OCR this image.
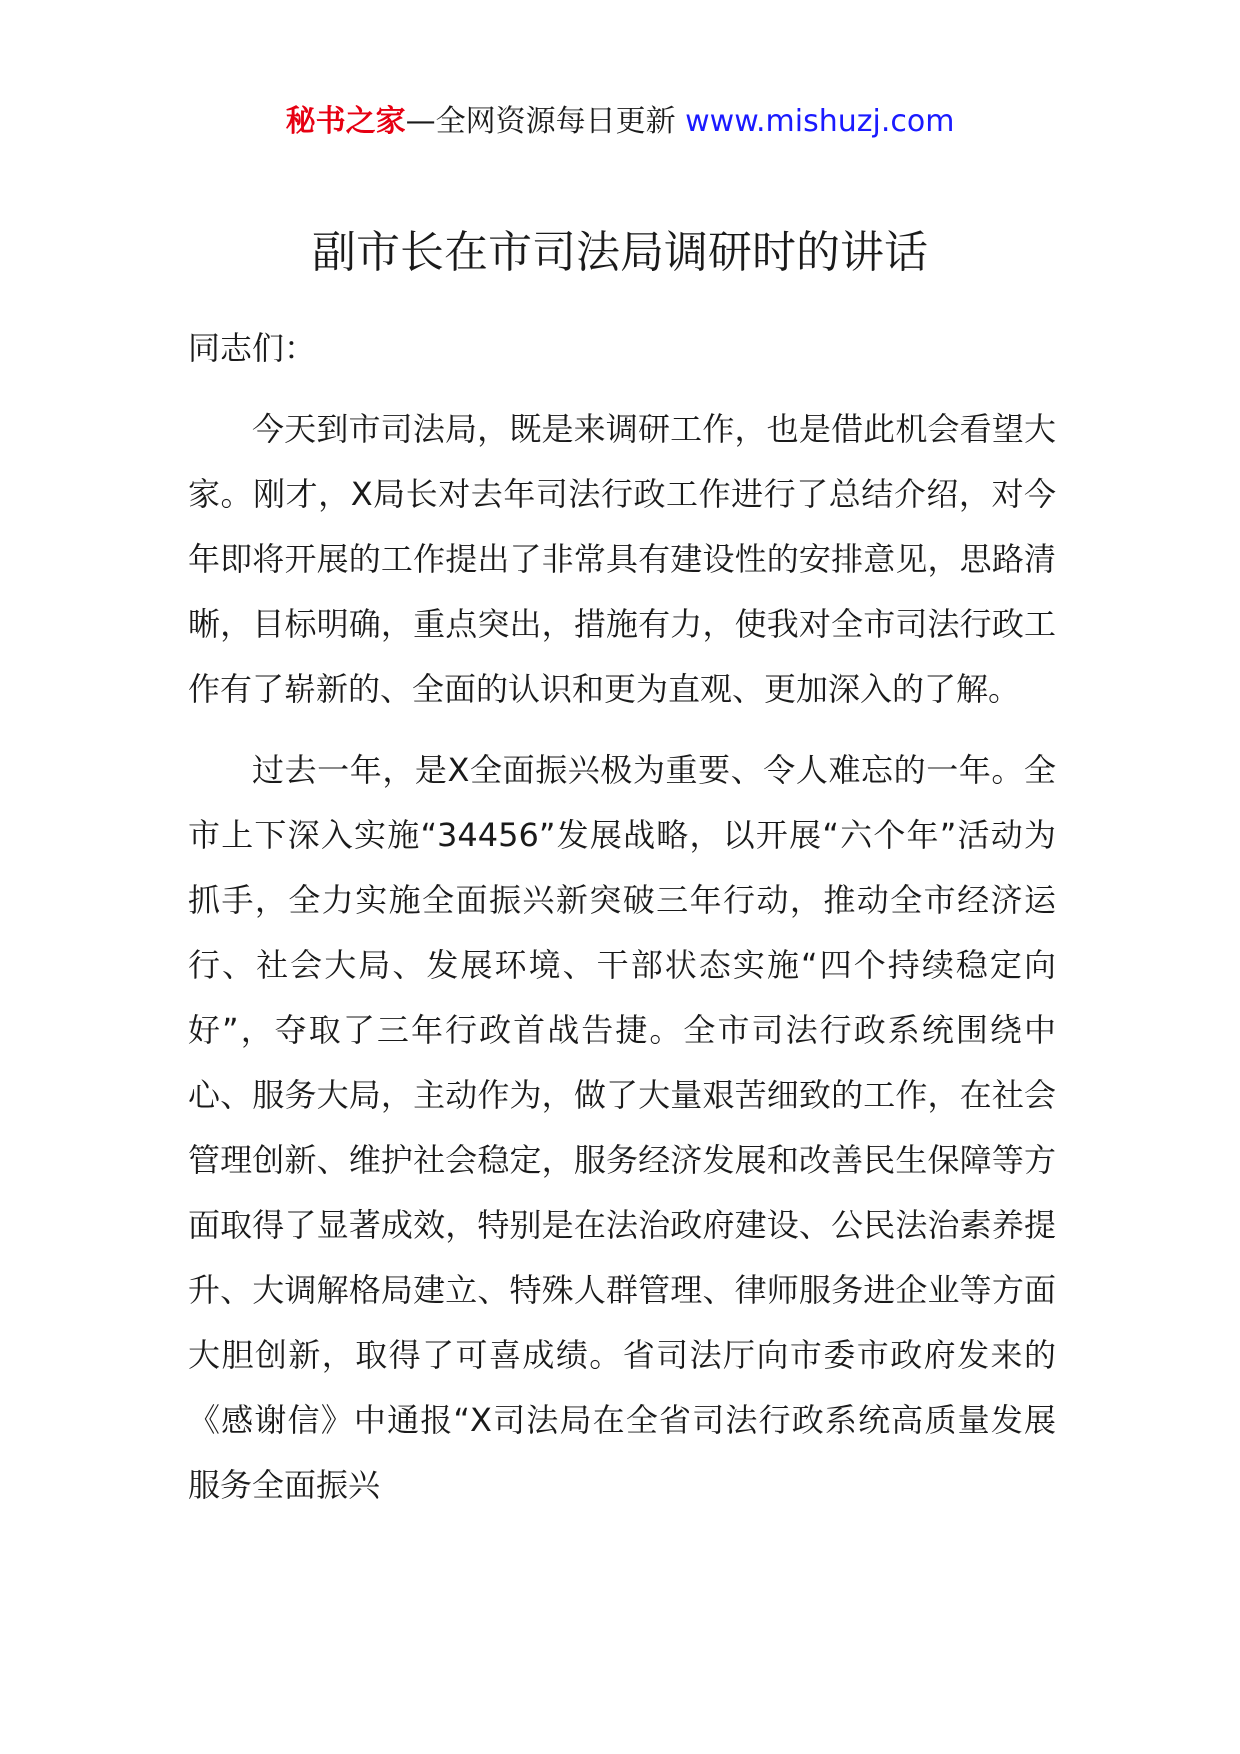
秘书之家—全网资源每日更新 www.mishuzj.com
副市长在市司法局调研时的讲话

同志们：

今天到市司法局，既是来调研工作，也是借此机会看望大家。刚才，X局长对去年司法行政工作进行了总结介绍，对今年即将开展的工作提出了非常具有建设性的安排意见，思路清晰，目标明确，重点突出，措施有力，使我对全市司法行政工作有了崭新的、全面的认识和更为直观、更加深入的了解。

过去一年，是X全面振兴极为重要、令人难忘的一年。全市上下深入实施“34456”发展战略，以开展“六个年”活动为抓手，全力实施全面振兴新突破三年行动，推动全市经济运行、社会大局、发展环境、干部状态实施“四个持续稳定向好”，夺取了三年行政首战告捷。全市司法行政系统围绕中心、服务大局，主动作为，做了大量艰苦细致的工作，在社会管理创新、维护社会稳定，服务经济发展和改善民生保障等方面取得了显著成效，特别是在法治政府建设、公民法治素养提升、大调解格局建立、特殊人群管理、律师服务进企业等方面大胆创新，取得了可喜成绩。省司法厅向市委市政府发来的《感谢信》中通报“X司法局在全省司法行政系统高质量发展服务全面振兴
